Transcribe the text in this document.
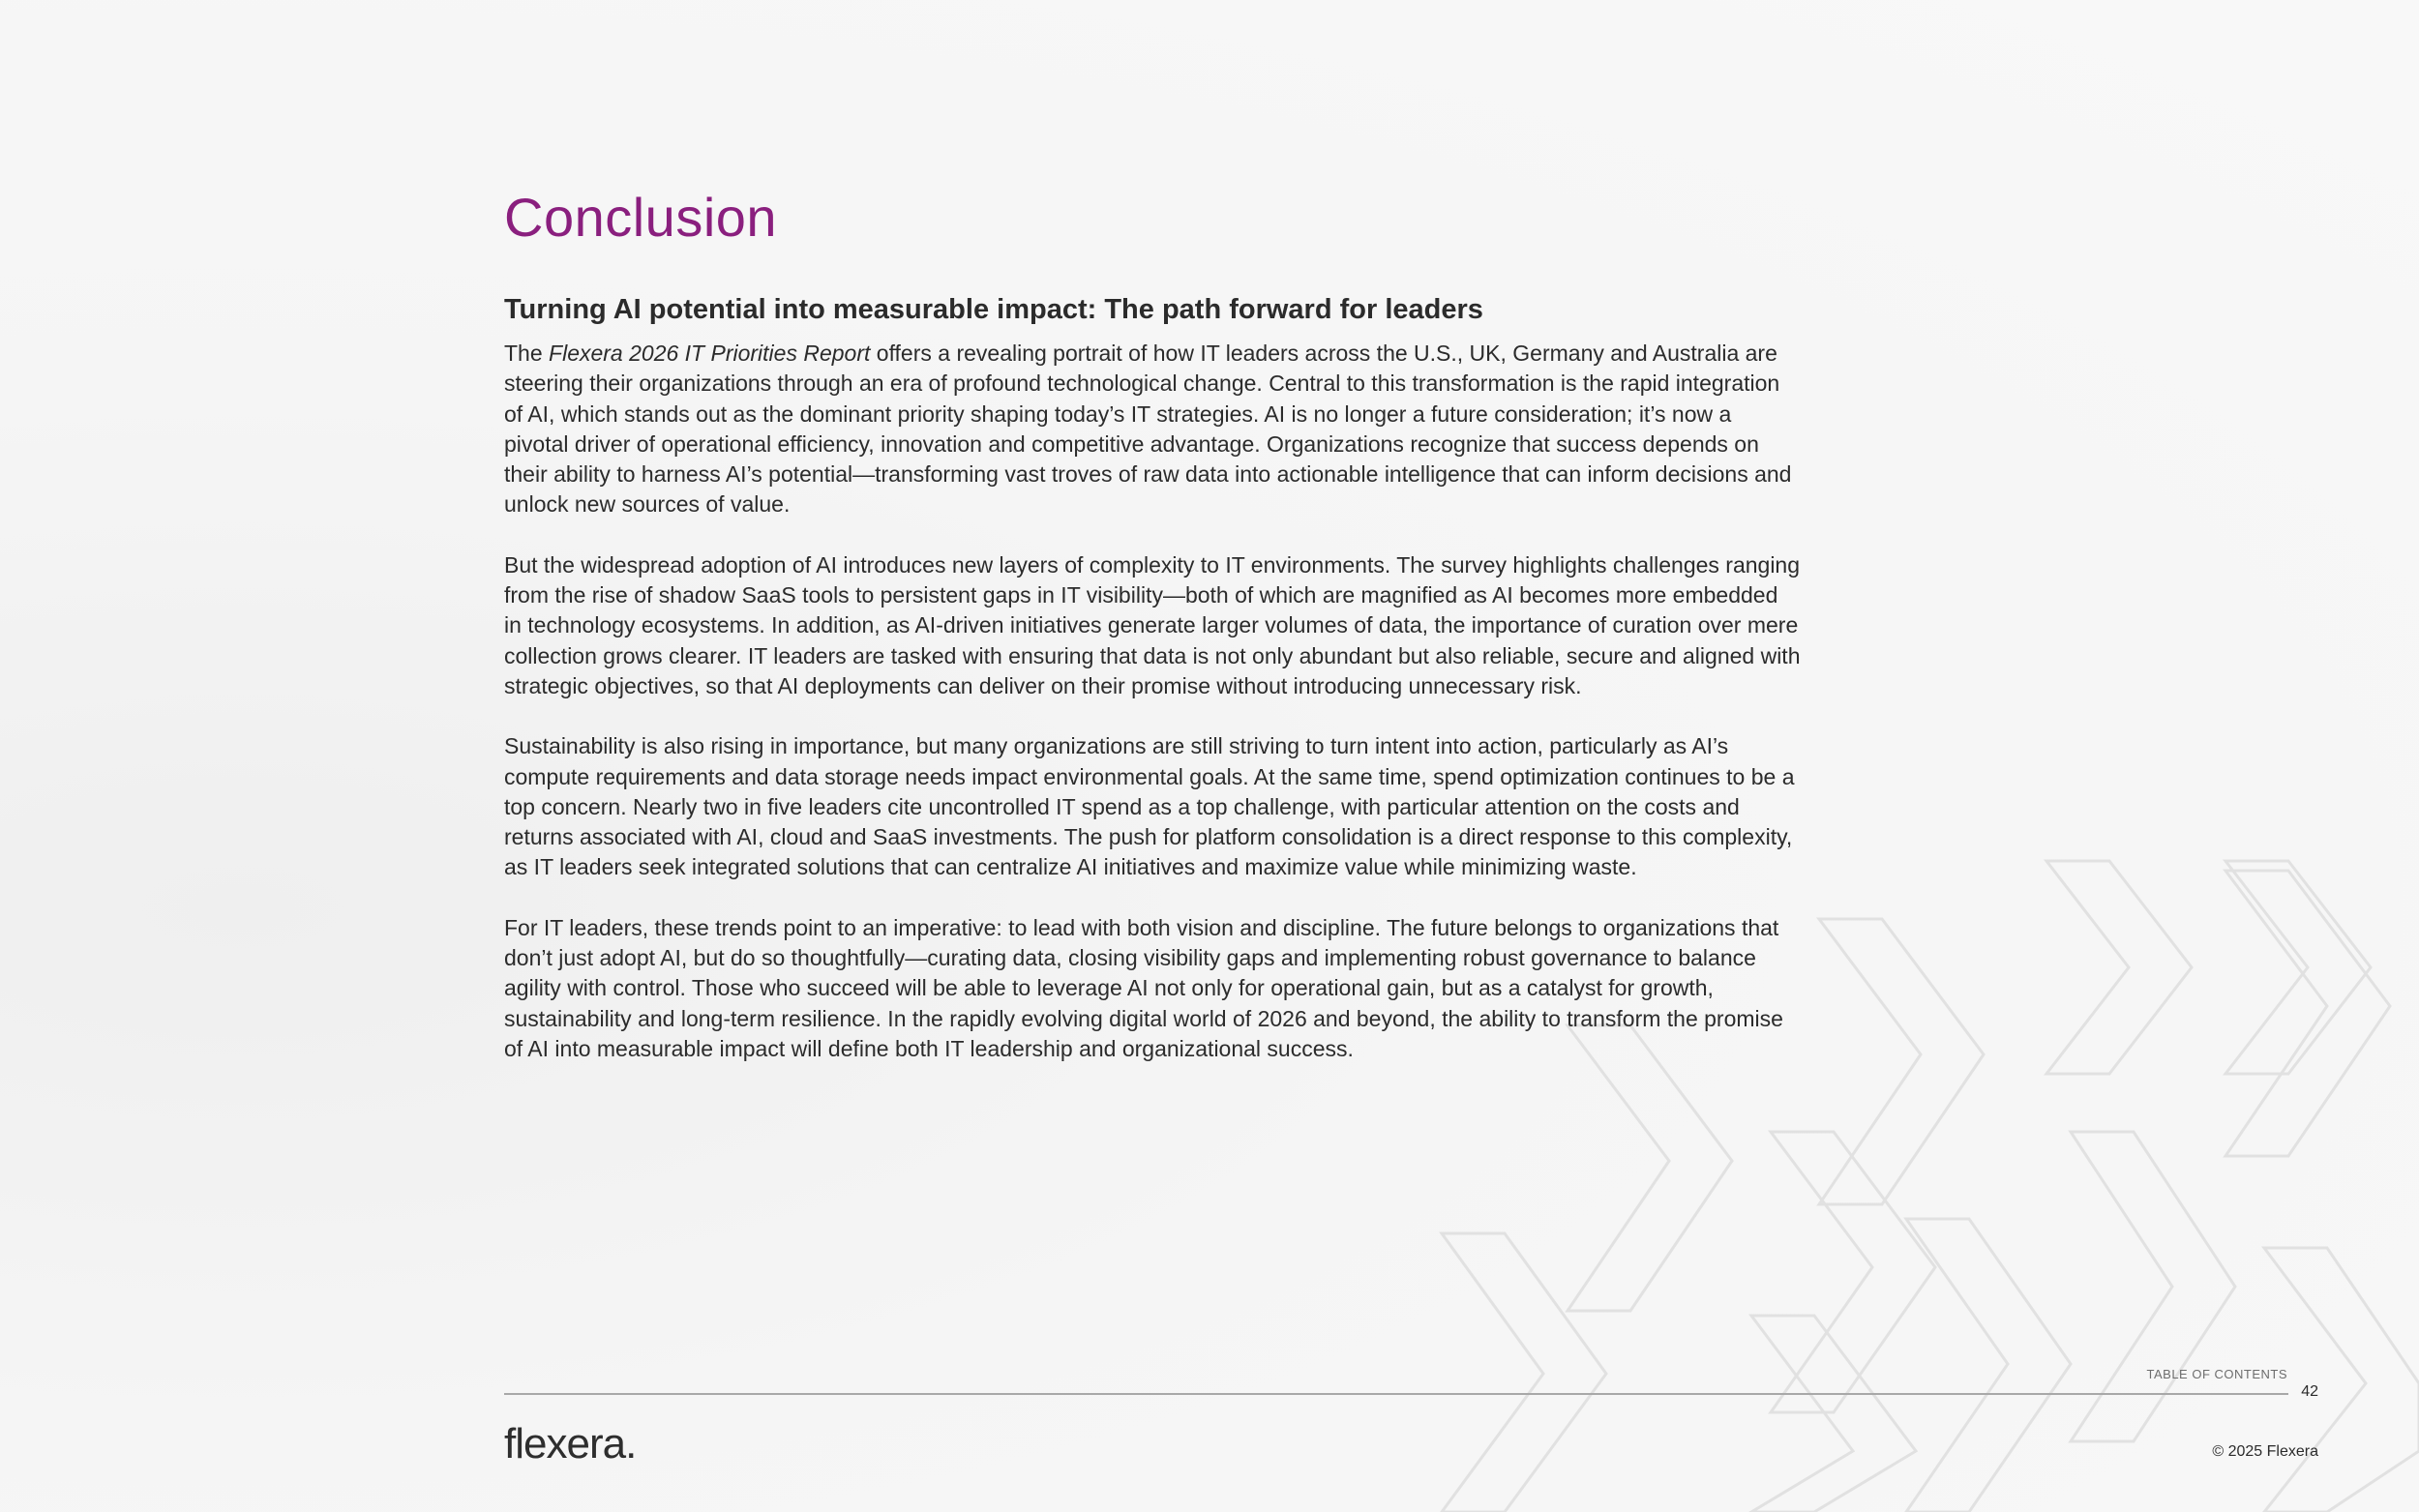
Conclusion
Turning AI potential into measurable impact: The path forward for leaders

The Flexera 2026 IT Priorities Report offers a revealing portrait of how IT leaders across the U.S., UK, Germany and Australia are steering their organizations through an era of profound technological change. Central to this transformation is the rapid integration of AI, which stands out as the dominant priority shaping today’s IT strategies. AI is no longer a future consideration; it’s now a pivotal driver of operational efficiency, innovation and competitive advantage. Organizations recognize that success depends on their ability to harness AI’s potential—transforming vast troves of raw data into actionable intelligence that can inform decisions and unlock new sources of value.

But the widespread adoption of AI introduces new layers of complexity to IT environments. The survey highlights challenges ranging from the rise of shadow SaaS tools to persistent gaps in IT visibility—both of which are magnified as AI becomes more embedded in technology ecosystems. In addition, as AI-driven initiatives generate larger volumes of data, the importance of curation over mere collection grows clearer. IT leaders are tasked with ensuring that data is not only abundant but also reliable, secure and aligned with strategic objectives, so that AI deployments can deliver on their promise without introducing unnecessary risk.

Sustainability is also rising in importance, but many organizations are still striving to turn intent into action, particularly as AI’s compute requirements and data storage needs impact environmental goals. At the same time, spend optimization continues to be a top concern. Nearly two in five leaders cite uncontrolled IT spend as a top challenge, with particular attention on the costs and returns associated with AI, cloud and SaaS investments. The push for platform consolidation is a direct response to this complexity, as IT leaders seek integrated solutions that can centralize AI initiatives and maximize value while minimizing waste.

For IT leaders, these trends point to an imperative: to lead with both vision and discipline. The future belongs to organizations that don’t just adopt AI, but do so thoughtfully—curating data, closing visibility gaps and implementing robust governance to balance agility with control. Those who succeed will be able to leverage AI not only for operational gain, but as a catalyst for growth, sustainability and long-term resilience. In the rapidly evolving digital world of 2026 and beyond, the ability to transform the promise of AI into measurable impact will define both IT leadership and organizational success.

TABLE OF CONTENTS
42
flexera.	© 2025 Flexera
